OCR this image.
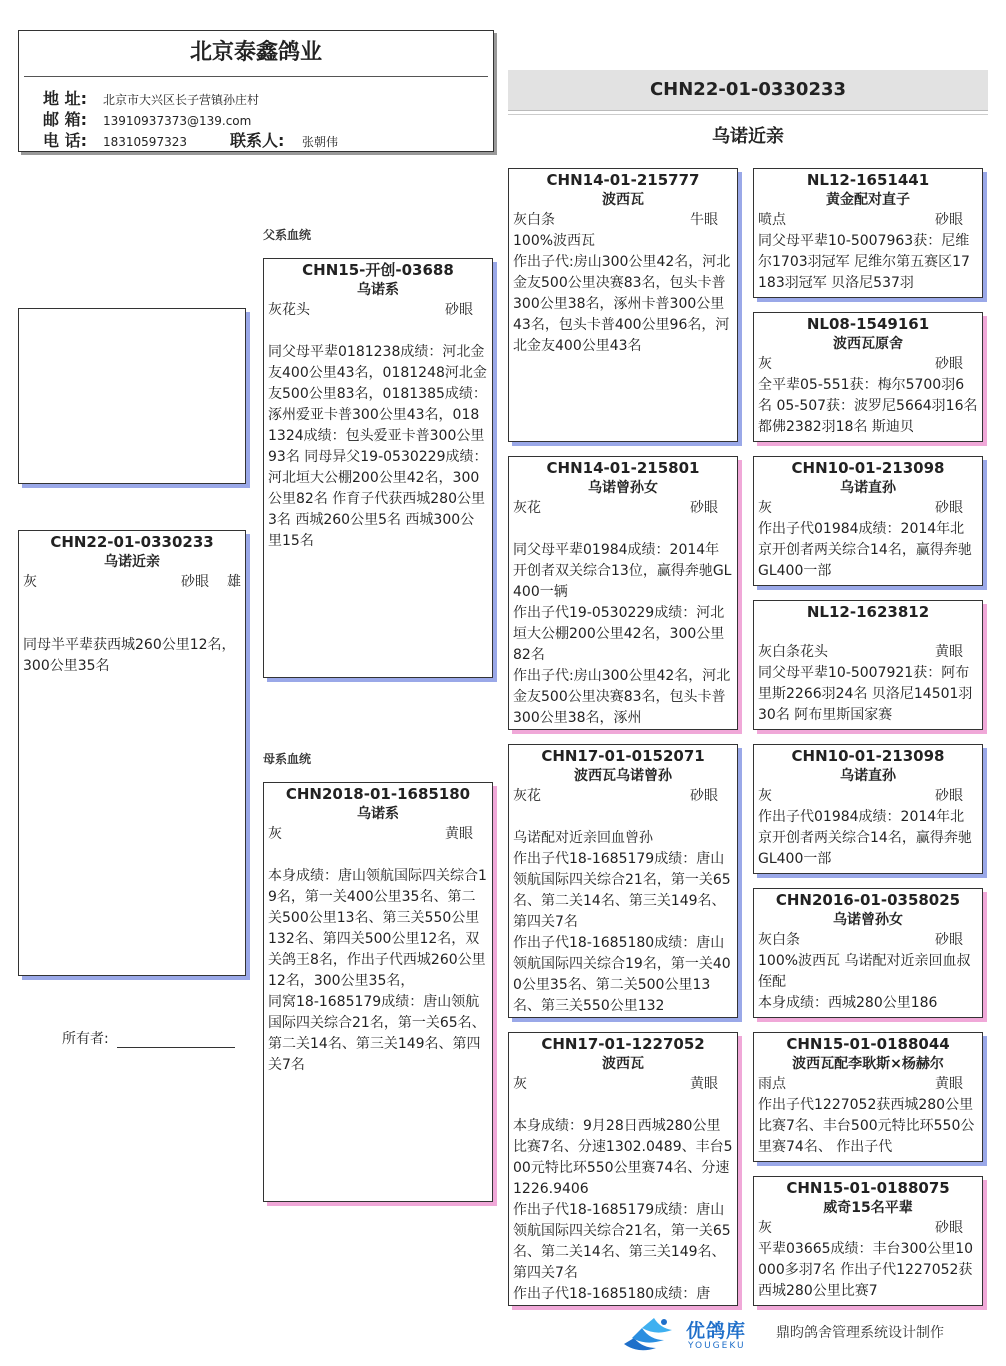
北京泰鑫鸽业
地 址:	北京市大兴区长子营镇孙庄村
邮 箱:	13910937373@139.com
电 话:	18310597323	联系人:	张朝伟
CHN22-01-0330233
乌诺近亲
父系血统
母系血统
CHN22-01-0330233
乌诺近亲
灰	砂眼 雄
同母半平辈获西城260公里12名，300公里35名
所有者:
CHN15-开创-03688
乌诺系
灰花头	砂眼

同父母平辈0181238成绩：河北金友400公里43名，0181248河北金友500公里83名，0181385成绩：涿州爱亚卡普300公里43名，0181324成绩：包头爱亚卡普300公里93名 同母异父19-0530229成绩：河北垣大公棚200公里42名，300公里82名 作育子代获西城280公里3名 西城260公里5名 西城300公里15名
CHN2018-01-1685180
乌诺系
灰	黄眼

本身成绩：唐山领航国际四关综合19名，第一关400公里35名、第二关500公里13名、第三关550公里132名、第四关500公里12名，双关鸽王8名，作出子代西城260公里12名，300公里35名，
同窝18-1685179成绩：唐山领航国际四关综合21名，第一关65名、第二关14名、第三关149名、第四关7名
CHN14-01-215777
波西瓦
灰白条	牛眼
100%波西瓦
作出子代:房山300公里42名，河北金友500公里决赛83名，包头卡普300公里38名，涿州卡普300公里43名，包头卡普400公里96名，河北金友400公里43名
CHN14-01-215801
乌诺曾孙女
灰花	砂眼

同父母平辈01984成绩：2014年开创者双关综合13位，赢得奔驰GL400一辆
作出子代19-0530229成绩：河北垣大公棚200公里42名，300公里82名
作出子代:房山300公里42名，河北金友500公里决赛83名，包头卡普300公里38名，涿州
CHN17-01-0152071
波西瓦乌诺曾孙
灰花	砂眼

乌诺配对近亲回血曾孙
作出子代18-1685179成绩：唐山领航国际四关综合21名，第一关65名、第二关14名、第三关149名、第四关7名
作出子代18-1685180成绩：唐山领航国际四关综合19名，第一关400公里35名、第二关500公里13名、第三关550公里132
CHN17-01-1227052
波西瓦
灰	黄眼

本身成绩：9月28日西城280公里比赛7名、分速1302.0489、丰台500元特比环550公里赛74名、分速1226.9406
作出子代18-1685179成绩：唐山领航国际四关综合21名，第一关65名、第二关14名、第三关149名、第四关7名
作出子代18-1685180成绩：唐
NL12-1651441
黄金配对直子
喷点	砂眼
同父母平辈10-5007963获：尼维尔1703羽冠军 尼维尔第五赛区17183羽冠军 贝洛尼537羽
NL08-1549161
波西瓦原舍
灰	砂眼
全平辈05-551获：梅尔5700羽6名 05-507获：波罗尼5664羽16名 都佛2382羽18名 斯迪贝
CHN10-01-213098
乌诺直孙
灰	砂眼
作出子代01984成绩：2014年北京开创者两关综合14名，赢得奔驰GL400一部
NL12-1623812
灰白条花头	黄眼
同父母平辈10-5007921获：阿布里斯2266羽24名 贝洛尼14501羽30名 阿布里斯国家赛
CHN10-01-213098
乌诺直孙
灰	砂眼
作出子代01984成绩：2014年北京开创者两关综合14名，赢得奔驰GL400一部
CHN2016-01-0358025
乌诺曾孙女
灰白条	砂眼
100%波西瓦 乌诺配对近亲回血叔侄配
本身成绩：西城280公里186
CHN15-01-0188044
波西瓦配李耿斯×杨赫尔
雨点	黄眼
作出子代1227052获西城280公里比赛7名、丰台500元特比环550公里赛74名、 作出子代
CHN15-01-0188075
威奇15名平辈
灰	砂眼
平辈03665成绩：丰台300公里10000多羽7名 作出子代1227052获西城280公里比赛7
优鸽库
YOUGEKU
鼎昀鸽舍管理系统设计制作
